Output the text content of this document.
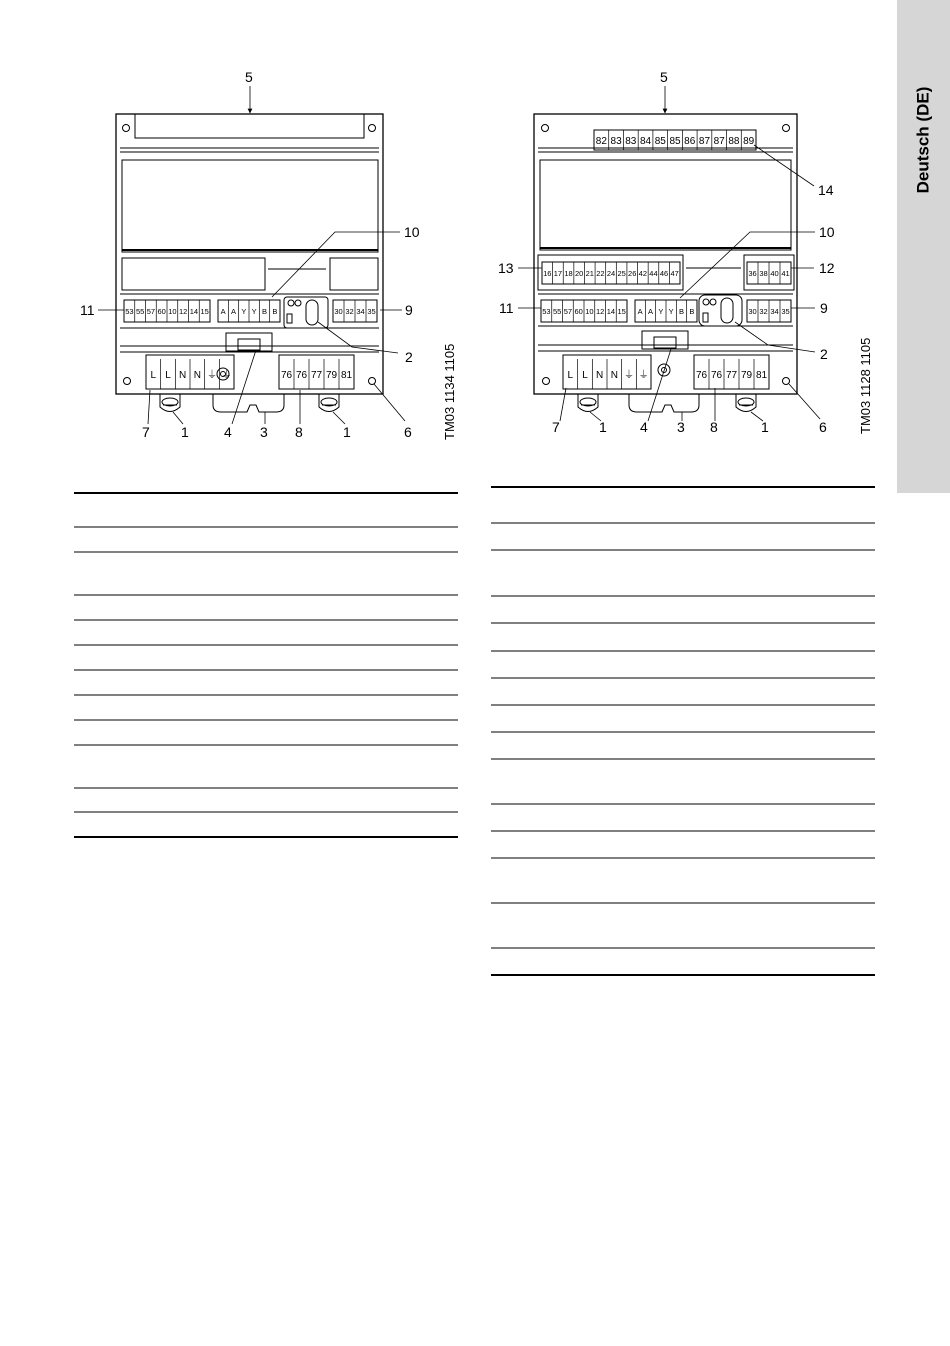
Deutsch (DE)
53 55 57 60 10 12 14 15 A A Y Y B B	30 32 34 35
L L N N ⏚ ⏚	76 76 77 79 81
5
10
11	9
2
7 1	4 3 8	1	6 TM03 1134 1105
82 83 83 84 85 85 86 87 87 88 89
16 17 18 20 21 22 24 25 26 42 44 46 47	36 38 40 41
53 55 57 60 10 12 14 15 A A Y Y B B	30 32 34 35
L L N N ⏚ ⏚	76 76 77 79 81
5
14
10
13	12
11	9
2
7	1 4 3 8	1	6 TM03 1128 1105
